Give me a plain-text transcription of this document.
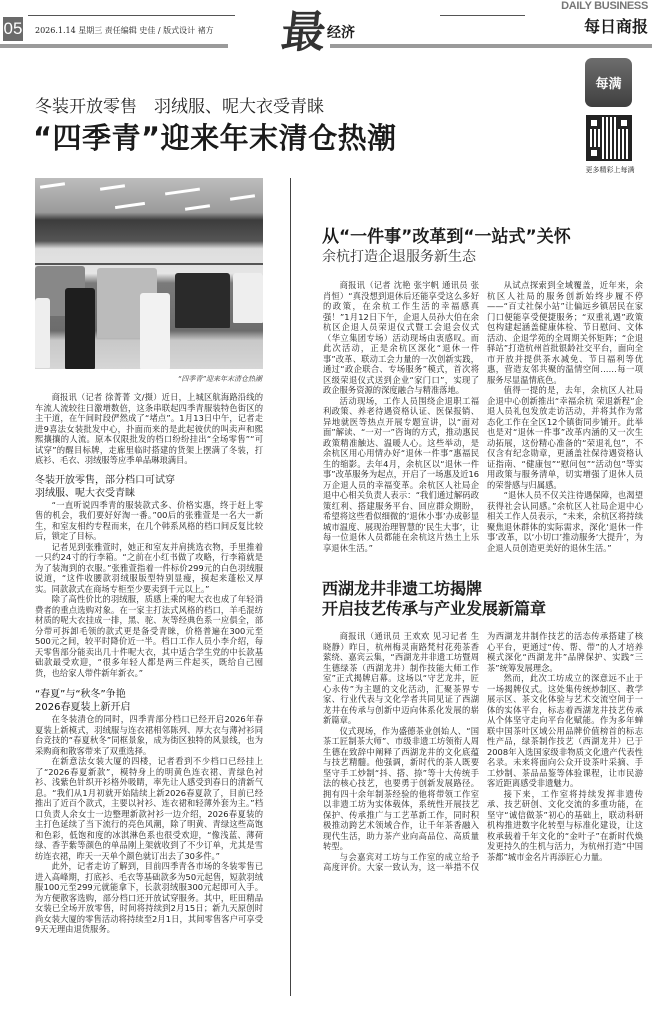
05 2026.1.14 星期三 责任编辑 史佳 / 版式设计 褚方 最
经济
DAILY BUSINESS
每日商报
冬装开放零售　羽绒服、呢大衣受青睐
“四季青”迎来年末清仓热潮
“四季青”迎来年末清仓热潮

商报讯（记者 徐菁菁 文/摄）近日，上城区航海路沿线的车流人流较往日激增数倍，这条串联起四季青服装特色街区的主干道，在午间时段俨然成了“堵点”。1月13日中午，记者走进9喜法女装批发中心，扑面而来的是此起彼伏的叫卖声和熙熙攘攘的人流。原本仅限批发的档口纷纷挂出“全场零售”“可试穿”的醒目标牌，走廊里临时搭建的货架上摆满了冬装，打底衫、毛衣、羽绒服等应季单品琳琅满目。

冬装开放零售，部分档口可试穿
羽绒服、呢大衣受青睐

“一直听说四季青的服装款式多、价格实惠，终于赶上零售的机会，我们要好好淘一番。”00后的张雅萱是一名大一新生，和室友相约专程而来，在几个韩系风格的档口间反复比较后，锁定了目标。

记者见到张雅萱时，她正和室友并肩挑选衣物，手里推着一只约24寸的行李箱。“之前在小红书做了攻略，行李箱就是为了装淘到的衣服。”张雅萱指着一件标价299元的白色羽绒服说道，“这件收腰款羽绒服版型特别显瘦，摸起来蓬松又厚实。同款款式在商场专柜至少要卖到千元以上。”

除了高性价比的羽绒服，质感上乘的呢大衣也成了年轻消费者的重点选购对象。在一家主打法式风格的档口，羊毛混纺材质的呢大衣挂成一排，黑、驼、灰等经典色系一应俱全，部分带可拆卸毛领的款式更是备受青睐，价格普遍在300元至500元之间，较平时降价近一半。档口工作人员小李介绍，每天零售部分能卖出几十件呢大衣，其中适合学生党的中长款基础款最受欢迎，“很多年轻人都是两三件起买，既给自己囤货，也给家人带件新年新衣。”

“春夏”与“秋冬”争艳
2026春夏装上新开启

在冬装清仓的同时，四季青部分档口已经开启2026年春夏装上新模式，羽绒服与连衣裙相邻陈列、厚大衣与薄衬衫同台竞技的“春夏秋冬”同框景象，成为街区独特的风景线，也为采购商和散客带来了双重选择。

在新意法女装大厦的四楼，记者看到不少档口已经挂上了“2026春夏新款”，模特身上的明黄色连衣裙、青绿色衬衫、浅紫色针织开衫格外吸睛，率先让人感受到春日的清新气息。“我们从1月初就开始陆续上新2026春夏款了，目前已经推出了近百个款式，主要以衬衫、连衣裙和轻薄外套为主。”档口负责人余女士一边整理新款衬衫一边介绍，2026春夏装的主打色延续了当下流行的亮色风潮，除了明黄、青绿这些高饱和色彩，低饱和度的冰淇淋色系也很受欢迎，“像浅蓝、薄荷绿、香芋紫等颜色的单品刚上架就收到了不少订单，尤其是雪纺连衣裙，昨天一天单个颜色就订出去了30多件。”

此外，记者走访了解到，目前四季青各市场的冬装零售已进入高峰期，打底衫、毛衣等基础款多为50元起售，短款羽绒服100元至299元就能拿下，长款羽绒服300元起即可入手。为方便散客选购，部分档口还开放试穿服务。其中，旺田精品女装已全场开放零售，时间将持续到2月15日；新九天原创时尚女装大厦的零售活动将持续至2月1日，其间零售客户可享受9天无理由退货服务。

每满
更多精彩上每满
从“一件事”改革到“一站式”关怀
余杭打造企退服务新生态

商报讯（记者 沈艳 张宇帆 通讯员 张肖恒）“真没想到退休后还能享受这么多好的政策，在余杭工作生活的幸福感真强！”1月12日下午，企退人员孙大伯在余杭区企退人员荣退仪式暨工会退会仪式（华立集团专场）活动现场由衷感叹。而此次活动，正是余杭区深化“退休一件事”改革、联动工会力量的一次创新实践，通过“政企联合、专场服务”模式，首次将区级荣退仪式送到企业“家门口”，实现了政企服务资源的深度融合与精准落地。

活动现场，工作人员围绕企退职工福利政策、养老待遇资格认证、医保报销、异地就医等热点开展专题宣讲，以“面对面”解读、“一对一”咨询的方式，推动惠民政策精准触达、温暖人心。这些举动，是余杭区用心用情办好“退休一件事”惠福民生的缩影。去年4月，余杭区以“退休一件事”改革服务为起点，开启了一场惠及近16万企退人员的幸福变革。余杭区人社局企退中心相关负责人表示：“我们通过解码政策红利、搭建服务平台、回应群众期盼，希望将这些看似细微的‘退休小事’办成彰显城市温度、展现治理智慧的‘民生大事’，让每一位退休人员都能在余杭这片热土上乐享退休生活。”

从试点探索到全域覆盖，近年来，余杭区人社局的服务创新始终步履不停——“百丈社保小站”让偏远乡镇居民在家门口便能享受便捷服务；“双重礼遇”政策包构建起涵盖健康体检、节日慰问、文体活动、企退学苑的全周期关怀矩阵；“企退驿站”打造杭州首批银龄社交平台，面向全市开放并提供茶水减免、节日福利等优惠，营造友邻共聚的温情空间……每一项服务尽显温情底色。

值得一提的是，去年，余杭区人社局企退中心创新推出“幸福余杭 荣退新程”企退人员礼包发放走访活动，并将其作为常态化工作在全区12个镇街同步铺开。此举也是对“退休一件事”改革内涵的又一次生动拓展，这份精心准备的“荣退礼包”，不仅含有纪念勋章，更涵盖社保待遇资格认证指南、“健康包”“慰问包”“活动包”等实用政策与服务清单，切实增强了退休人员的荣誉感与归属感。

“退休人员不仅关注待遇保障，也渴望获得社会认同感。”余杭区人社局企退中心相关工作人员表示，“未来，余杭区将持续聚焦退休群体的实际需求，深化‘退休一件事’改革，以‘小切口’推动服务‘大提升’，为企退人员创造更美好的退休生活。”

西湖龙井非遗工坊揭牌
开启技艺传承与产业发展新篇章

商报讯（通讯员 王欢欢 见习记者 生晓静）昨日，杭州梅灵南路梵村花苑茶香萦绕、嘉宾云集，“西湖龙井非遗工坊暨周生德绿茶（西湖龙井）制作技能大师工作室”正式揭牌启幕。这场以“守艺龙井，匠心永传”为主题的文化活动，汇聚茶界专家、行业代表与文化学者共同见证了西湖龙井在传承与创新中迈向体系化发展的崭新篇章。

仪式现场，作为盛德茶业创始人、“国茶工匠制茶大师”、市级非遗工坊领衔人周生德在致辞中阐释了西湖龙井的文化底蕴与技艺精髓。他强调，新时代的茶人既要坚守手工炒制“抖、搭、捺”等十大传统手法的核心技艺，也要勇于创新发展路径。拥有四十余年制茶经验的他将带领工作室以非遗工坊为实体载体，系统性开展技艺保护、传承推广与工艺革新工作，同时积极推动跨艺术领域合作，让千年茶香融入现代生活，助力茶产业向高品位、高质量转型。

与会嘉宾对工坊与工作室的成立给予高度评价。大家一致认为，这一举措不仅为西湖龙井制作技艺的活态传承搭建了核心平台，更通过“传、帮、带”的人才培养模式深化“西湖龙井”品牌保护、实践“三茶”统筹发展理念。

然而，此次工坊成立的深意远不止于一场揭牌仪式。这处集传统炒制区、教学展示区、茶文化体验与艺术交流空间于一体的实体平台，标志着西湖龙井技艺传承从个体坚守走向平台化赋能。作为多年蝉联中国茶叶区域公用品牌价值榜首的标志性产品，绿茶制作技艺（西湖龙井）已于2008年入选国家级非物质文化遗产代表性名录。未来将面向公众开设茶叶采摘、手工炒制、茶品品鉴等体验课程，让市民游客近距离感受非遗魅力。

接下来，工作室将持续发挥非遗传承、技艺研创、文化交流的多重功能，在坚守“诚信做茶”初心的基础上，联动科研机构推进数字化转型与标准化建设，让这枚承载着千年文化的“金叶子”在新时代焕发更持久的生机与活力，为杭州打造“中国茶都”城市金名片再添匠心力量。
